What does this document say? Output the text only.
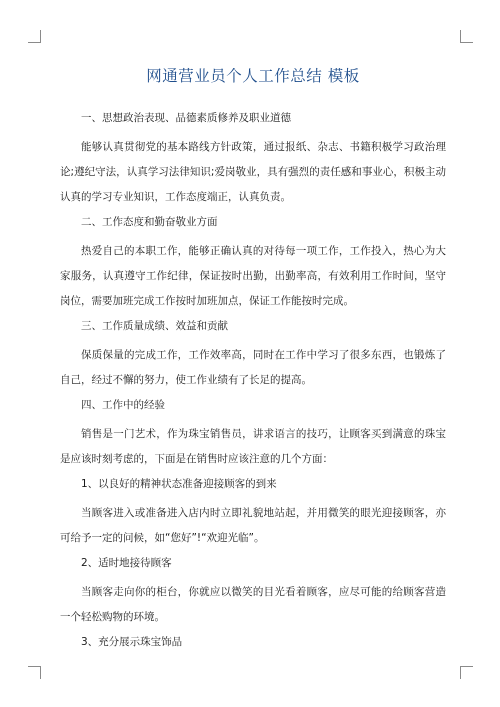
网通营业员个人工作总结 模板
一、思想政治表现、品德素质修养及职业道德
能够认真贯彻党的基本路线方针政策，通过报纸、杂志、书籍积极学习政治理论;遵纪守法，认真学习法律知识;爱岗敬业，具有强烈的责任感和事业心，积极主动认真的学习专业知识，工作态度端正，认真负责。
二、工作态度和勤奋敬业方面
热爱自己的本职工作，能够正确认真的对待每一项工作，工作投入，热心为大家服务，认真遵守工作纪律，保证按时出勤，出勤率高，有效利用工作时间，坚守岗位，需要加班完成工作按时加班加点，保证工作能按时完成。
三、工作质量成绩、效益和贡献
保质保量的完成工作，工作效率高，同时在工作中学习了很多东西，也锻炼了自己，经过不懈的努力，使工作业绩有了长足的提高。
四、工作中的经验
销售是一门艺术，作为珠宝销售员，讲求语言的技巧，让顾客买到满意的珠宝是应该时刻考虑的，下面是在销售时应该注意的几个方面：
1、以良好的精神状态准备迎接顾客的到来
当顾客进入或准备进入店内时立即礼貌地站起，并用微笑的眼光迎接顾客，亦可给予一定的问候，如“您好”!“欢迎光临”。
2、适时地接待顾客
当顾客走向你的柜台，你就应以微笑的目光看着顾客，应尽可能的给顾客营造一个轻松购物的环境。
3、充分展示珠宝饰品
